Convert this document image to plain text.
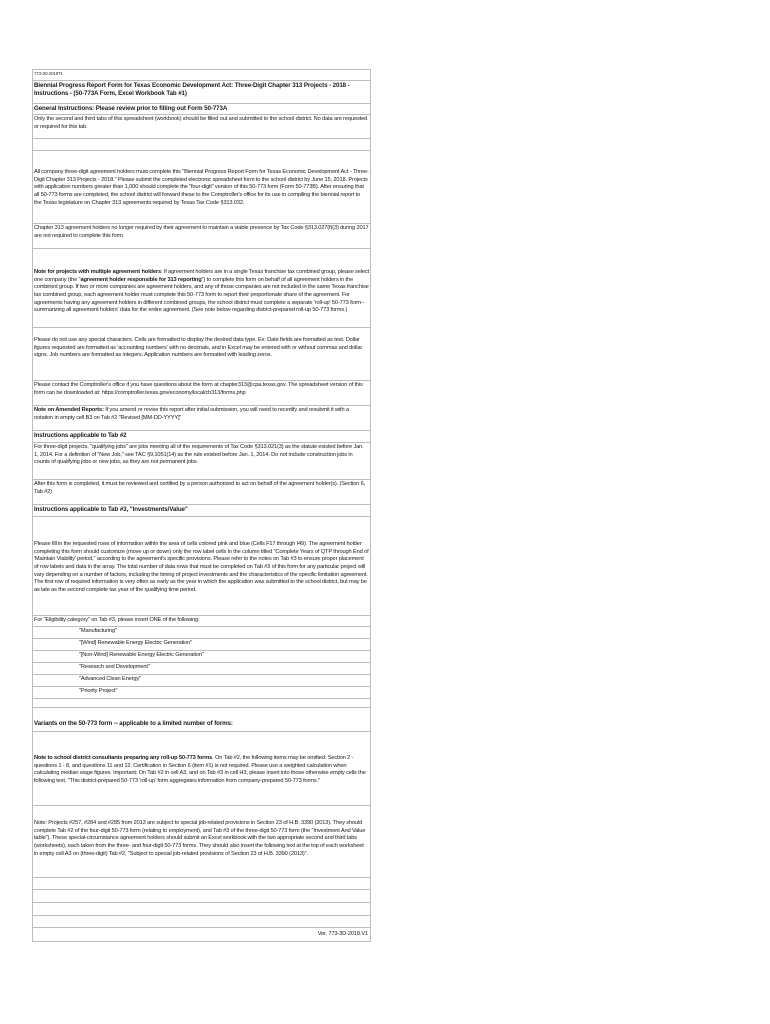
773-3D-2018T1
Biennial Progress Report Form for Texas Economic Development Act: Three-Digit Chapter 313 Projects - 2018 - Instructions - (50-773A Form, Excel Workbook Tab #1)
General Instructions: Please review prior to filling out Form 50-773A
Only the second and third tabs of this spreadsheet (workbook) should be filled out and submitted to the school district. No data are requested or required for this tab.
All company three-digit agreement holders must complete this "Biennial Progress Report Form for Texas Economic Development Act - Three-Digit Chapter 313 Projects - 2018." Please submit the completed electronic spreadsheet form to the school district by June 15, 2018. Projects with application numbers greater than 1,000 should complete the "four-digit" version of this 50-773 form (Form 50-773B). After ensuring that all 50-773 forms are completed, the school district will forward these to the Comptroller's office for its use in compiling the biennial report to the Texas legislature on Chapter 313 agreements required by Texas Tax Code §313.032.
Chapter 313 agreement holders no longer required by their agreement to maintain a viable presence by Tax Code §313.027(f)(3) during 2017 are not required to complete this form.
Note for projects with multiple agreement holders: If agreement holders are in a single Texas franchise tax combined group, please select one company (the "agreement holder responsible for 313 reporting") to complete this form on behalf of all agreement holders in the combined group. If two or more companies are agreement holders, and any of those companies are not included in the same Texas franchise tax combined group, each agreement holder must complete this 50-773 form to report their proportionate share of the agreement. For agreements having any agreement holders in different combined groups, the school district must complete a separate 'roll-up' 50-773 form--summarizing all agreement holders' data for the entire agreement. (See note below regarding district-prepared roll-up 50-773 forms.)
Please do not use any special characters. Cells are formatted to display the desired data type. Ex: Date fields are formatted as text. Dollar figures requested are formatted as 'accounting numbers' with no decimals, and in Excel may be entered with or without commas and dollar signs. Job numbers are formatted as integers. Application numbers are formatted with leading zeros.
Please contact the Comptroller's office if you have questions about the form at chapter313@cpa.texas.gov. The spreadsheet version of this form can be downloaded at: https://comptroller.texas.gov/economy/local/ch313/forms.php
Note on Amended Reports: If you amend or revise this report after initial submission, you will need to recertify and resubmit it with a notation in empty cell B3 on Tab #2 "Revised [MM-DD-YYYY]"
Instructions applicable to Tab #2
For three-digit projects, "qualifying jobs" are jobs meeting all of the requirements of Tax Code §313.021(3) as the statute existed before Jan. 1, 2014. For a definition of "New Job," see TAC §9.1051(14) as the rule existed before Jan. 1, 2014. Do not include construction jobs in counts of qualifying jobs or new jobs, as they are not permanent jobs.
After this form is completed, it must be reviewed and certified by a person authorized to act on behalf of the agreement holder(s). (Section 6, Tab #2)
Instructions applicable to Tab #3, "Investments/Value"
Please fill in the requested rows of information within the area of cells colored pink and blue (Cells F17 through I49). The agreement holder completing this form should customize (move up or down) only the row label cells in the column titled "Complete Years of QTP through End of 'Maintain Viability' period," according to the agreement's specific provisions. Please refer to the notes on Tab #3 to ensure proper placement of row labels and data in the array. The total number of data rows that must be completed on Tab #3 of this form for any particular project will vary depending on a number of factors, including the timing of project investments and the characteristics of the specific limitation agreement. The first row of required information is very often as early as the year in which the application was submitted to the school district, but may be as late as the second complete tax year of the qualifying time period.
For "Eligibility category" on Tab #3, please insert ONE of the following:
"Manufacturing"
"[Wind] Renewable Energy Electric Generation"
"[Non-Wind] Renewable Energy Electric Generation"
"Research and Development"
"Advanced Clean Energy"
"Priority Project"
Variants on the 50-773 form -- applicable to a limited number of forms:
Note to school district consultants preparing any roll-up 50-773 forms. On Tab #2, the following items may be omitted: Section 2 - questions 1 - 8, and questions 11 and 12. Certification in Section 6 (item #1) is not required. Please use a weighted calculation when calculating median wage figures. Important: On Tab #2 in cell A3, and on Tab #3 in cell H3, please insert into those otherwise empty cells the following text, "This district-prepared 50-773 'roll-up' form aggregates information from company-prepared 50-773 forms."
Note: Projects #257, #284 and #285 from 2013 are subject to special job-related provisions in Section 23 of H.B. 3390 (2013). They should complete Tab #2 of the four-digit 50-773 form (relating to employment), and Tab #3 of the three-digit 50-773 form (the "Investment And Value table"). These special-circumstance agreement holders should submit an Excel workbook with the two appropriate second and third tabs (worksheets), each taken from the three- and four-digit 50-773 forms. They should also insert the following text at the top of each worksheet in empty cell A3 on (three-digit) Tab #2, "Subject to special job-related provisions of Section 23 of H.B. 3390 (2013)".
Ver. 773-3D-2018.V1
